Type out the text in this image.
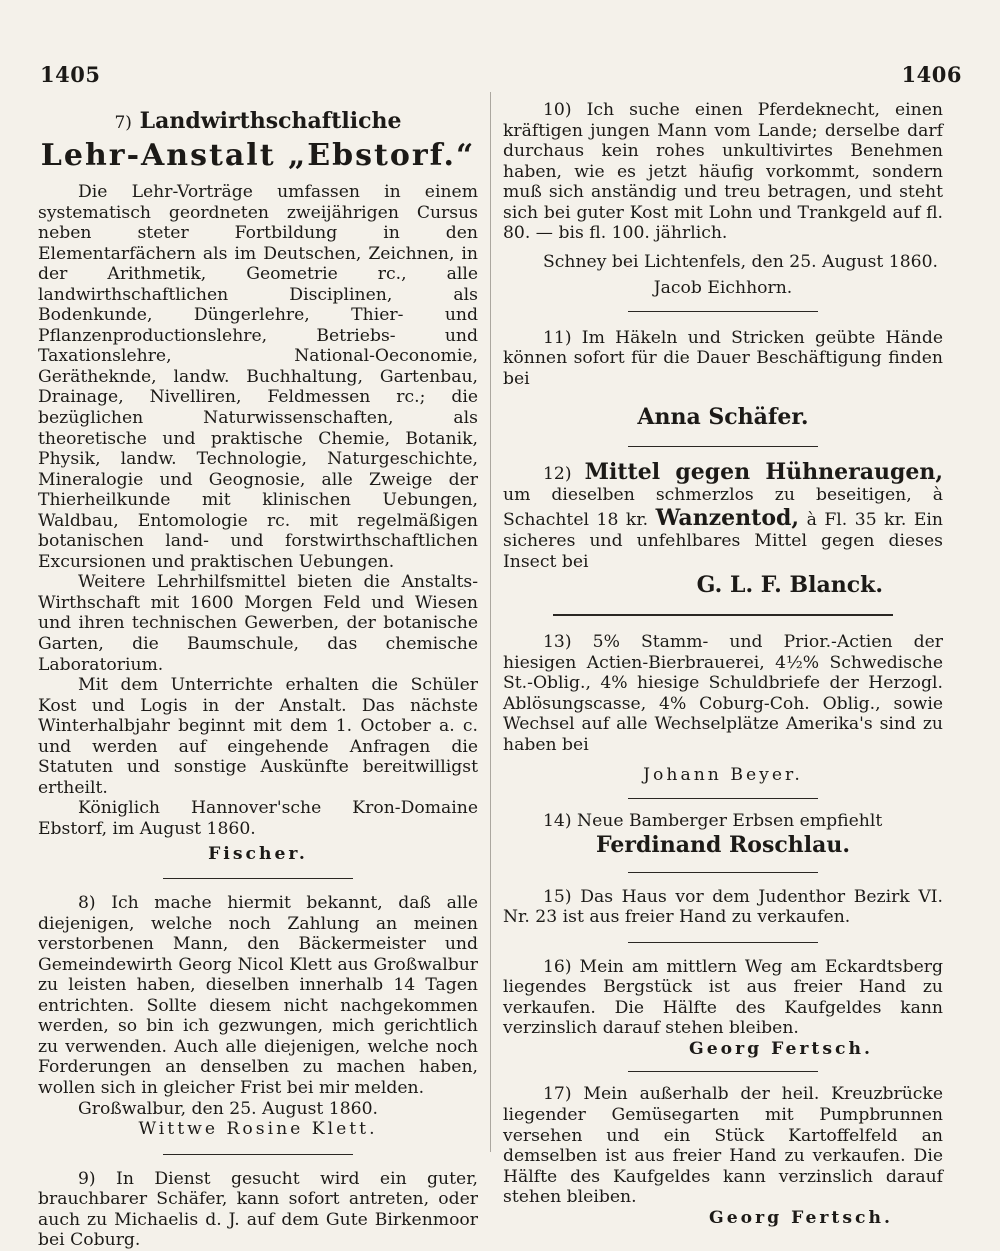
1405	1406

7) Landwirthschaftliche

Lehr-Anstalt „Ebstorf.“

Die Lehr-Vorträge umfassen in einem systematisch geordneten zweijährigen Cursus neben steter Fortbildung in den Elementarfächern als im Deutschen, Zeichnen, in der Arithmetik, Geometrie rc., alle landwirthschaftlichen Disciplinen, als Bodenkunde, Düngerlehre, Thier- und Pflanzenproductionslehre, Betriebs- und Taxationslehre, National-Oeconomie, Gerätheknde, landw. Buchhaltung, Gartenbau, Drainage, Nivelliren, Feldmessen rc.; die bezüglichen Naturwissenschaften, als theoretische und praktische Chemie, Botanik, Physik, landw. Technologie, Naturgeschichte, Mineralogie und Geognosie, alle Zweige der Thierheilkunde mit klinischen Uebungen, Waldbau, Entomologie rc. mit regelmäßigen botanischen land- und forstwirthschaftlichen Excursionen und praktischen Uebungen.

Weitere Lehrhilfsmittel bieten die Anstalts-Wirthschaft mit 1600 Morgen Feld und Wiesen und ihren technischen Gewerben, der botanische Garten, die Baumschule, das chemische Laboratorium.

Mit dem Unterrichte erhalten die Schüler Kost und Logis in der Anstalt. Das nächste Winterhalbjahr beginnt mit dem 1. October a. c. und werden auf eingehende Anfragen die Statuten und sonstige Auskünfte bereitwilligst ertheilt.

Königlich Hannover'sche Kron-Domaine Ebstorf, im August 1860.

Fischer.

8) Ich mache hiermit bekannt, daß alle diejenigen, welche noch Zahlung an meinen verstorbenen Mann, den Bäckermeister und Gemeindewirth Georg Nicol Klett aus Großwalbur zu leisten haben, dieselben innerhalb 14 Tagen entrichten. Sollte diesem nicht nachgekommen werden, so bin ich gezwungen, mich gerichtlich zu verwenden. Auch alle diejenigen, welche noch Forderungen an denselben zu machen haben, wollen sich in gleicher Frist bei mir melden.

Großwalbur, den 25. August 1860.

Wittwe Rosine Klett.

9) In Dienst gesucht wird ein guter, brauchbarer Schäfer, kann sofort antreten, oder auch zu Michaelis d. J. auf dem Gute Birkenmoor bei Coburg.

10) Ich suche einen Pferdeknecht, einen kräftigen jungen Mann vom Lande; derselbe darf durchaus kein rohes unkultivirtes Benehmen haben, wie es jetzt häufig vorkommt, sondern muß sich anständig und treu betragen, und steht sich bei guter Kost mit Lohn und Trankgeld auf fl. 80. — bis fl. 100. jährlich.

Schney bei Lichtenfels, den 25. August 1860.

Jacob Eichhorn.

11) Im Häkeln und Stricken geübte Hände können sofort für die Dauer Beschäftigung finden bei

Anna Schäfer.

12) Mittel gegen Hühneraugen, um dieselben schmerzlos zu beseitigen, à Schachtel 18 kr. Wanzentod, à Fl. 35 kr. Ein sicheres und unfehlbares Mittel gegen dieses Insect bei

G. L. F. Blanck.

13) 5% Stamm- und Prior.-Actien der hiesigen Actien-Bierbrauerei, 4½% Schwedische St.-Oblig., 4% hiesige Schuldbriefe der Herzogl. Ablösungscasse, 4% Coburg-Coh. Oblig., sowie Wechsel auf alle Wechselplätze Amerika's sind zu haben bei

Johann Beyer.

14) Neue Bamberger Erbsen empfiehlt

Ferdinand Roschlau.

15) Das Haus vor dem Judenthor Bezirk VI. Nr. 23 ist aus freier Hand zu verkaufen.

16) Mein am mittlern Weg am Eckardtsberg liegendes Bergstück ist aus freier Hand zu verkaufen. Die Hälfte des Kaufgeldes kann verzinslich darauf stehen bleiben.

Georg Fertsch.

17) Mein außerhalb der heil. Kreuzbrücke liegender Gemüsegarten mit Pumpbrunnen versehen und ein Stück Kartoffelfeld an demselben ist aus freier Hand zu verkaufen. Die Hälfte des Kaufgeldes kann verzinslich darauf stehen bleiben.

Georg Fertsch.
